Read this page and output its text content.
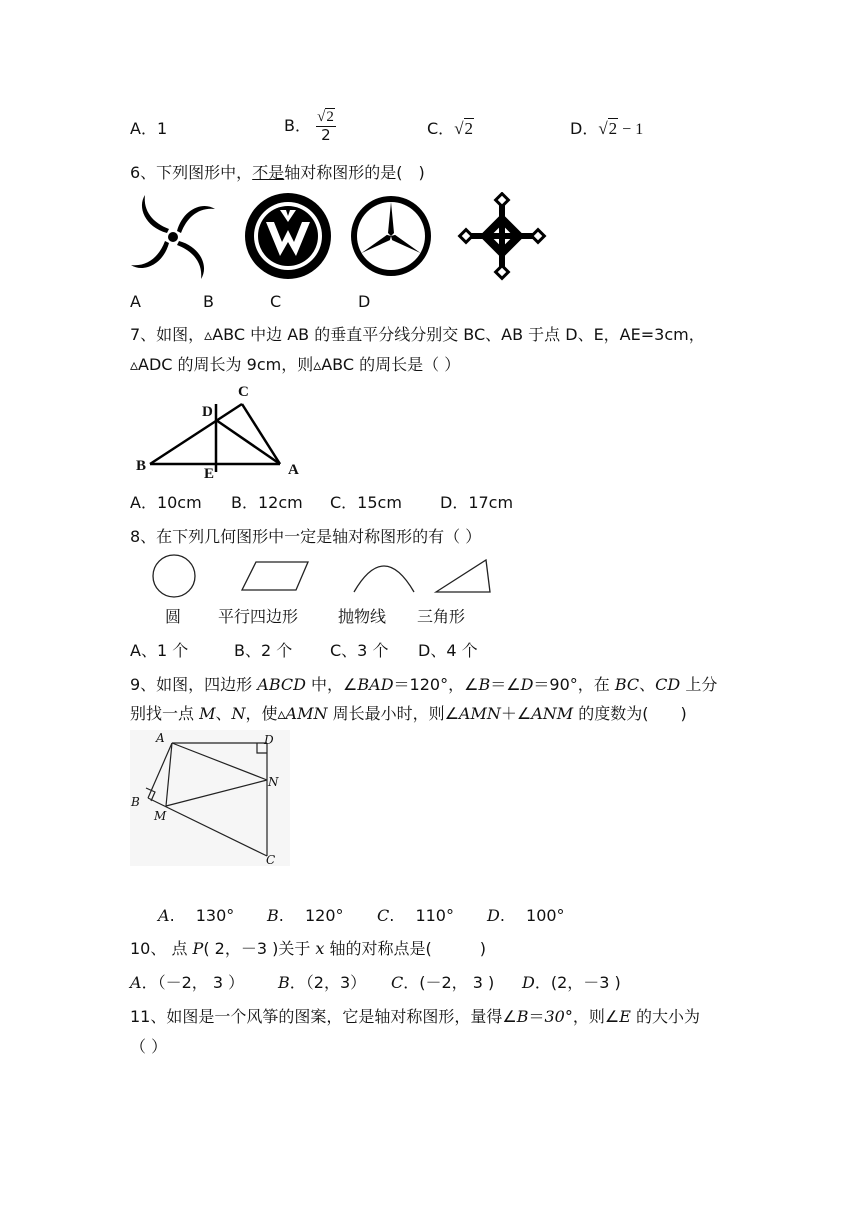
A．1	B． $\frac{√2}{2}$	C．√2	D．√2 − 1
6、下列图形中，不是轴对称图形的是(　)
A	B	C	D
7、如图，▵ABC 中边 AB 的垂直平分线分别交 BC、AB 于点 D、E，AE=3cm，
▵ADC 的周长为 9cm，则▵ABC 的周长是（ ）
B	E	A
D
C
A．10cm B．12cm C．15cm D．17cm
8、在下列几何图形中一定是轴对称图形的有（ ）
圆 平行四边形 抛物线 三角形
A、1 个	B、2 个 C、3 个 D、4 个
9、如图，四边形 ABCD 中，∠BAD＝120°，∠B＝∠D＝90°，在 BC、CD 上分
别找一点 M、N，使▵AMN 周长最小时，则∠AMN＋∠ANM 的度数为(　　)
A	D
N
B
M
C
A.　 130° B.　 120° C.　 110° D.　 100°
10、 点 P( 2，－3 )关于 x 轴的对称点是(　　　)
A．（－2， 3 ） B．（2，3） C．(－2， 3 ) D．(2，－3 )
11、如图是一个风筝的图案，它是轴对称图形，量得∠B＝30°，则∠E 的大小为
（ ）
